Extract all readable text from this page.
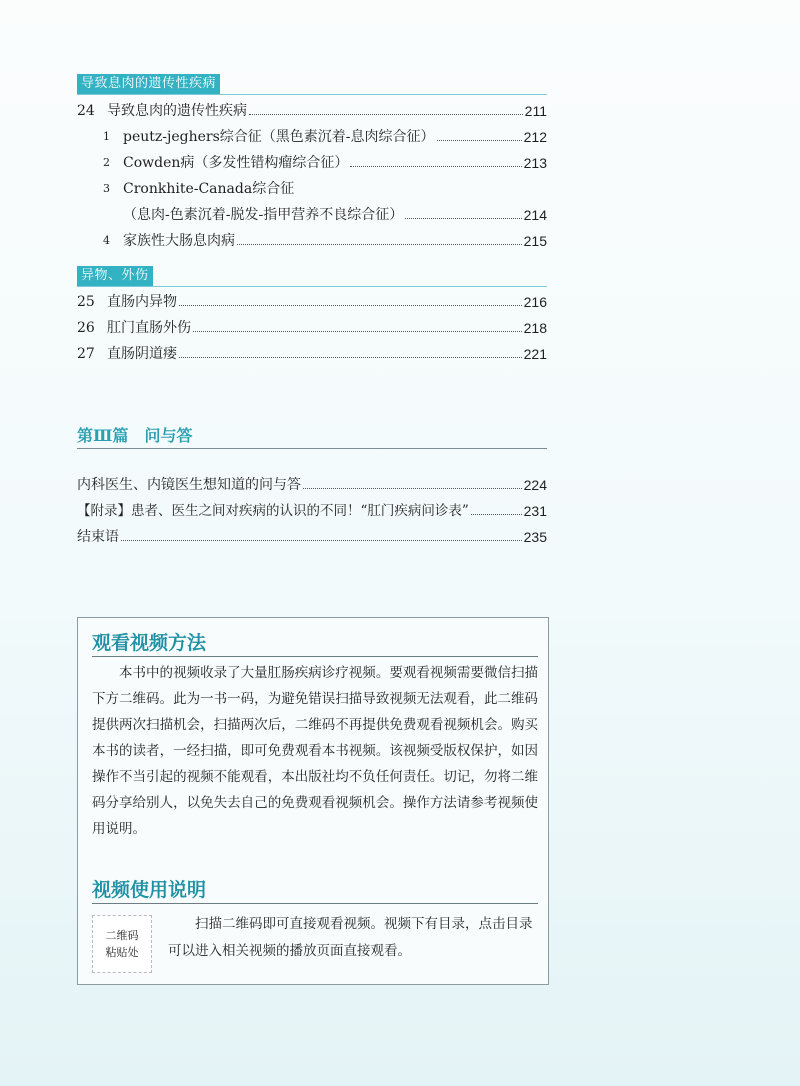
导致息肉的遗传性疾病
24 导致息肉的遗传性疾病	211
1 peutz-jeghers综合征（黑色素沉着-息肉综合征）	212
2 Cowden病（多发性错构瘤综合征）	213
3 Cronkhite-Canada综合征
（息肉-色素沉着-脱发-指甲营养不良综合征）	214
4 家族性大肠息肉病	215
异物、外伤
25 直肠内异物	216
26 肛门直肠外伤	218
27 直肠阴道瘘	221
第Ⅲ篇　问与答
内科医生、内镜医生想知道的问与答	224
【附录】患者、医生之间对疾病的认识的不同！“肛门疾病问诊表”	231
结束语	235
观看视频方法

本书中的视频收录了大量肛肠疾病诊疗视频。要观看视频需要微信扫描下方二维码。此为一书一码，为避免错误扫描导致视频无法观看，此二维码提供两次扫描机会，扫描两次后，二维码不再提供免费观看视频机会。购买本书的读者，一经扫描，即可免费观看本书视频。该视频受版权保护，如因操作不当引起的视频不能观看，本出版社均不负任何责任。切记，勿将二维码分享给别人，以免失去自己的免费观看视频机会。操作方法请参考视频使用说明。

视频使用说明
二维码
粘贴处

扫描二维码即可直接观看视频。视频下有目录，点击目录可以进入相关视频的播放页面直接观看。
